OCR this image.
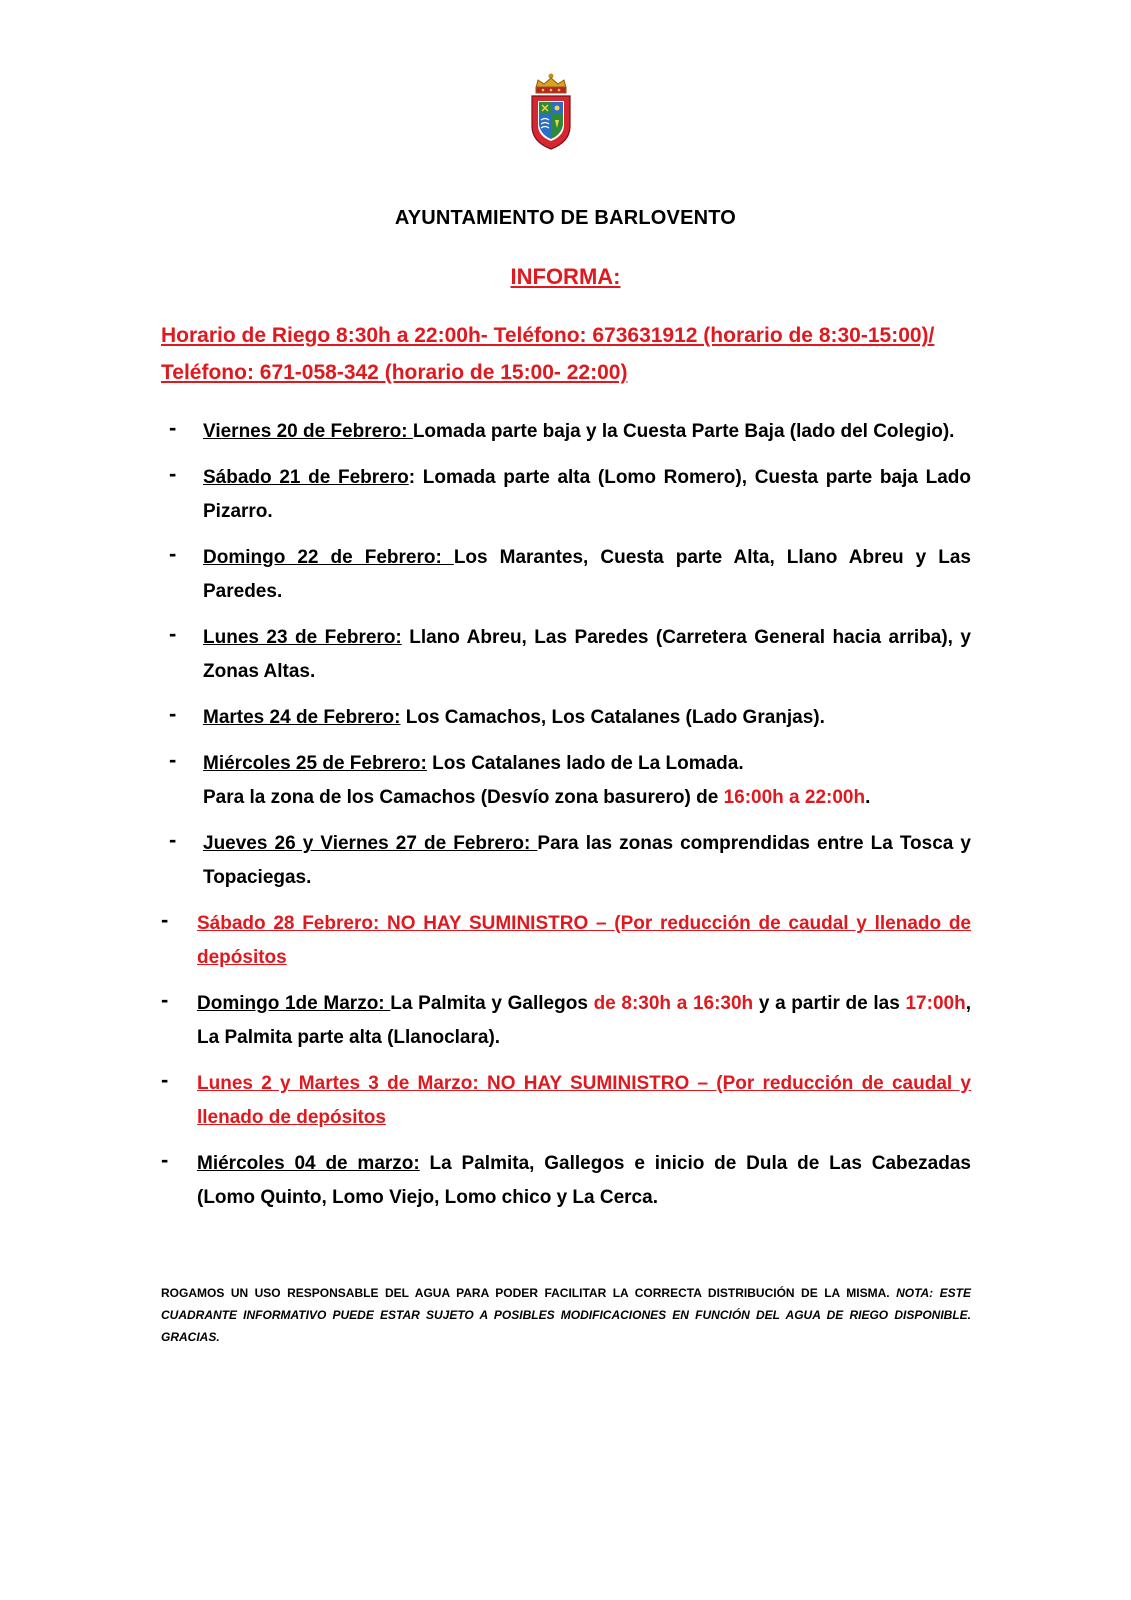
AYUNTAMIENTO DE BARLOVENTO
INFORMA:
Horario de Riego 8:30h a 22:00h- Teléfono: 673631912 (horario de 8:30-15:00)/ Teléfono: 671-058-342 (horario de 15:00- 22:00)
- Viernes 20 de Febrero: Lomada parte baja y la Cuesta Parte Baja (lado del Colegio).
- Sábado 21 de Febrero: Lomada parte alta (Lomo Romero), Cuesta parte baja Lado Pizarro.
- Domingo 22 de Febrero: Los Marantes, Cuesta parte Alta, Llano Abreu y Las Paredes.
- Lunes 23 de Febrero: Llano Abreu, Las Paredes (Carretera General hacia arriba), y Zonas Altas.
- Martes 24 de Febrero: Los Camachos, Los Catalanes (Lado Granjas).
- Miércoles 25 de Febrero: Los Catalanes lado de La Lomada.
Para la zona de los Camachos (Desvío zona basurero) de 16:00h a 22:00h.
- Jueves 26 y Viernes 27 de Febrero: Para las zonas comprendidas entre La Tosca y Topaciegas.
- Sábado 28 Febrero: NO HAY SUMINISTRO – (Por reducción de caudal y llenado de depósitos
- Domingo 1de Marzo: La Palmita y Gallegos de 8:30h a 16:30h y a partir de las 17:00h, La Palmita parte alta (Llanoclara).
- Lunes 2 y Martes 3 de Marzo: NO HAY SUMINISTRO – (Por reducción de caudal y llenado de depósitos
- Miércoles 04 de marzo: La Palmita, Gallegos e inicio de Dula de Las Cabezadas (Lomo Quinto, Lomo Viejo, Lomo chico y La Cerca.
ROGAMOS UN USO RESPONSABLE DEL AGUA PARA PODER FACILITAR LA CORRECTA DISTRIBUCIÓN DE LA MISMA. NOTA: ESTE CUADRANTE INFORMATIVO PUEDE ESTAR SUJETO A POSIBLES MODIFICACIONES EN FUNCIÓN DEL AGUA DE RIEGO DISPONIBLE. GRACIAS.
